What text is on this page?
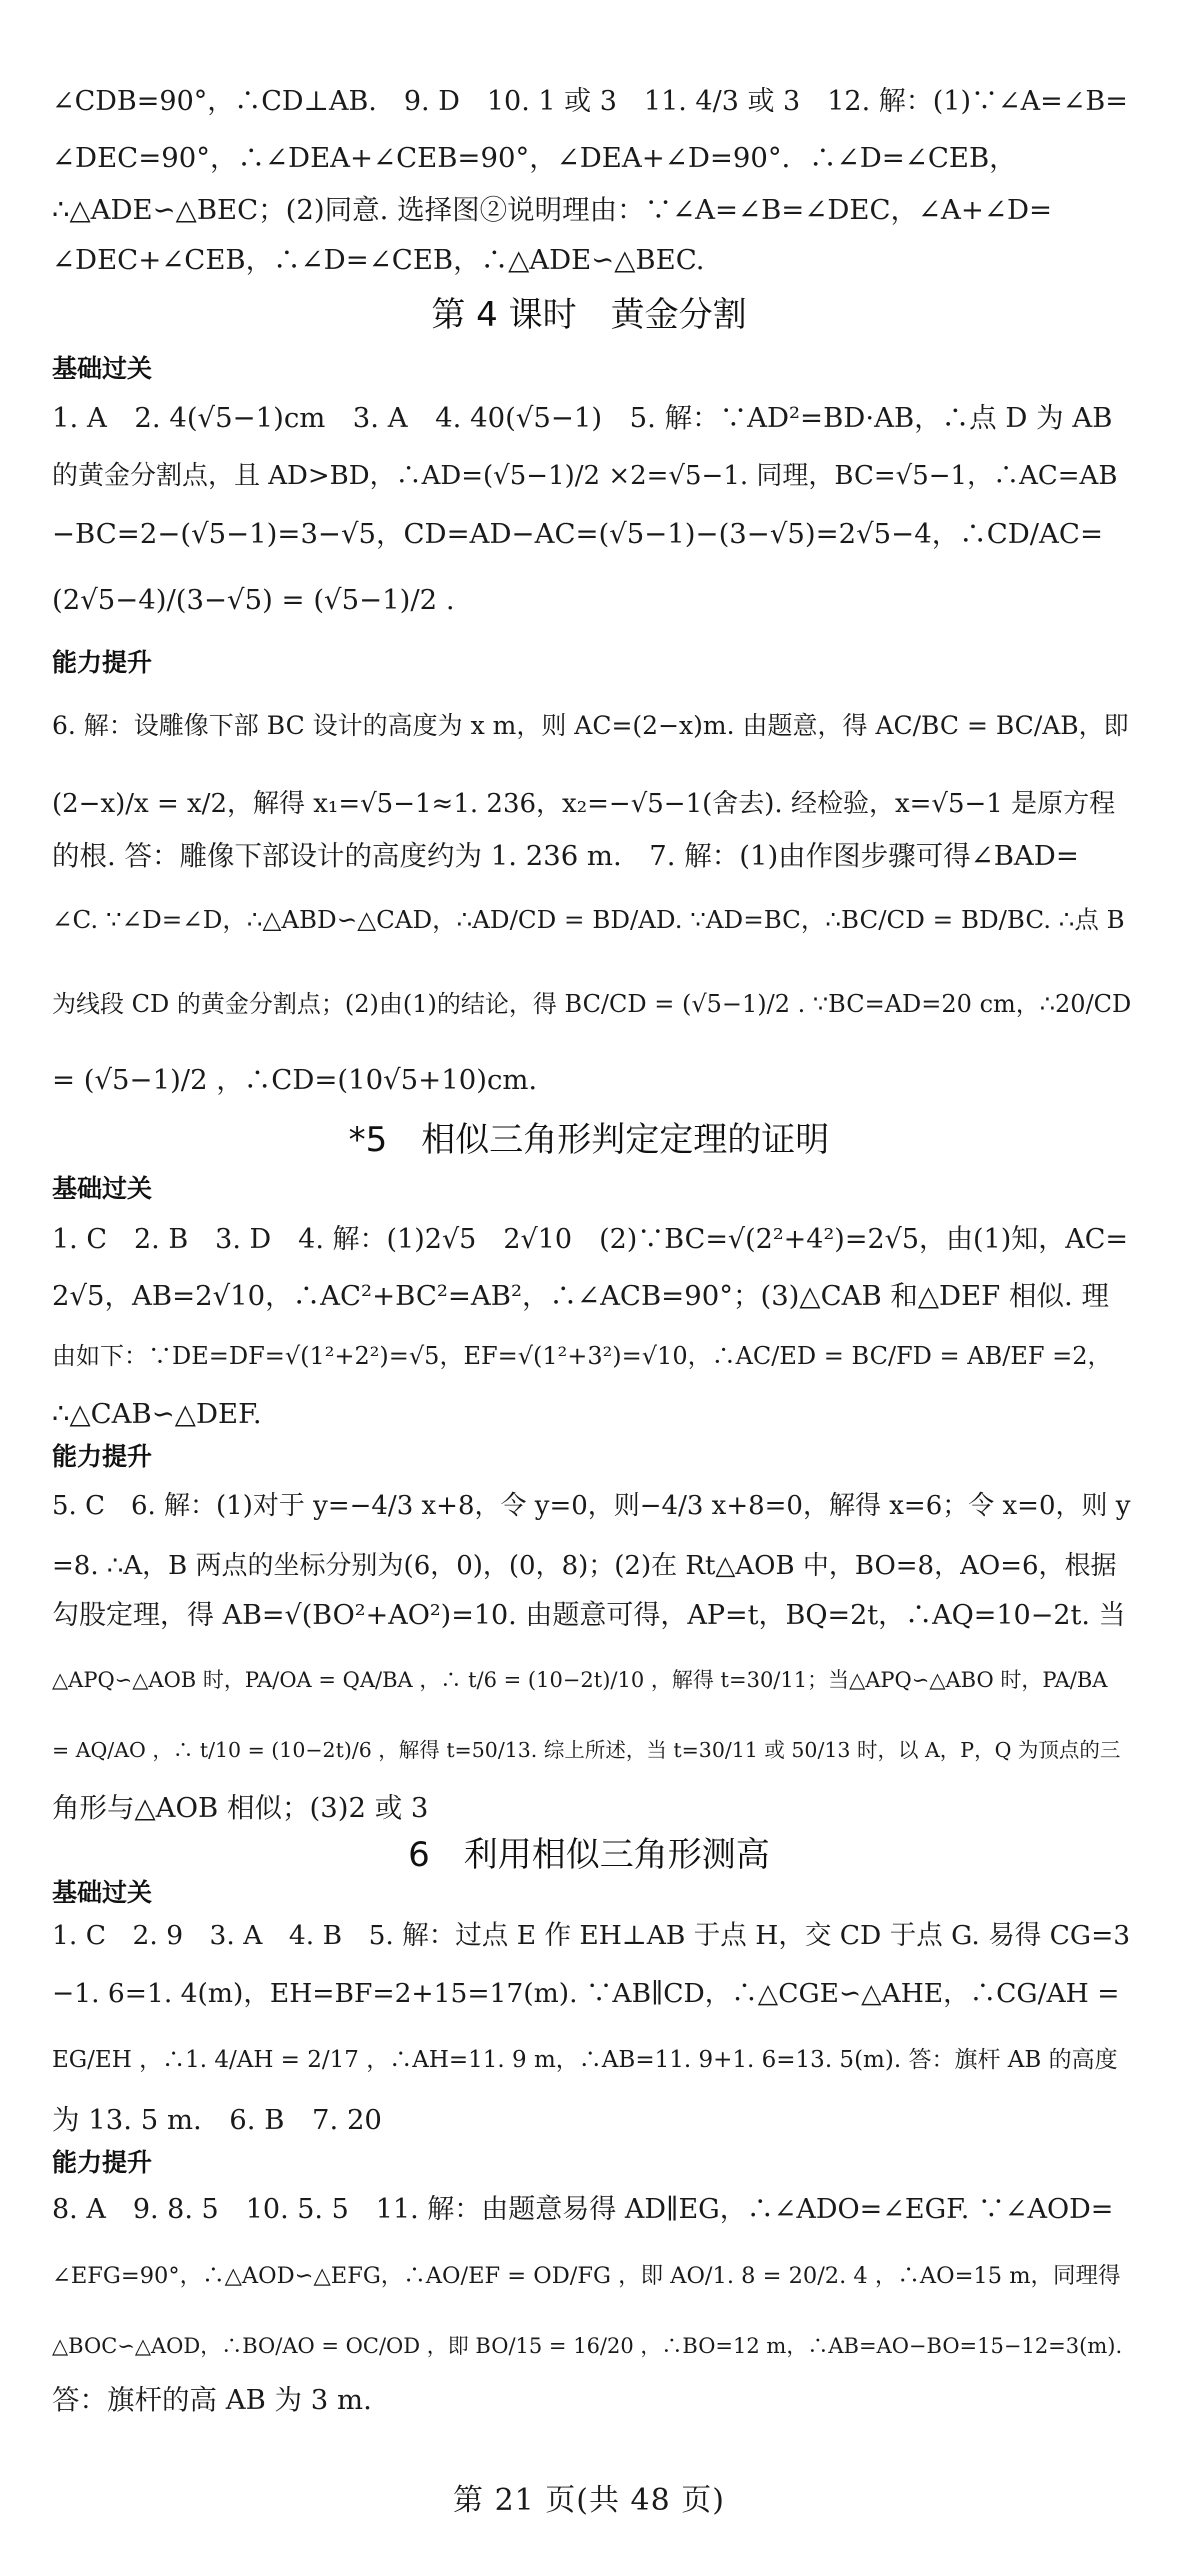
∠CDB=90°，∴CD⊥AB.　9. D　10. 1 或 3　11. 4/3 或 3　12. 解：(1)∵∠A=∠B=
∠DEC=90°，∴∠DEA+∠CEB=90°，∠DEA+∠D=90°．∴∠D=∠CEB，
∴△ADE∽△BEC；(2)同意. 选择图②说明理由：∵∠A=∠B=∠DEC，∠A+∠D=
∠DEC+∠CEB，∴∠D=∠CEB，∴△ADE∽△BEC.
第 4 课时　黄金分割
基础过关
1. A　2. 4(√5−1)cm　3. A　4. 40(√5−1)　5. 解：∵AD²=BD·AB，∴点 D 为 AB
的黄金分割点，且 AD>BD，∴AD=(√5−1)/2 ×2=√5−1. 同理，BC=√5−1，∴AC=AB
−BC=2−(√5−1)=3−√5，CD=AD−AC=(√5−1)−(3−√5)=2√5−4，∴CD/AC=
(2√5−4)/(3−√5) = (√5−1)/2 .
能力提升
6. 解：设雕像下部 BC 设计的高度为 x m，则 AC=(2−x)m. 由题意，得 AC/BC = BC/AB，即
(2−x)/x = x/2，解得 x₁=√5−1≈1. 236，x₂=−√5−1(舍去). 经检验，x=√5−1 是原方程
的根. 答：雕像下部设计的高度约为 1. 236 m.　7. 解：(1)由作图步骤可得∠BAD=
∠C. ∵∠D=∠D，∴△ABD∽△CAD，∴AD/CD = BD/AD. ∵AD=BC，∴BC/CD = BD/BC. ∴点 B
为线段 CD 的黄金分割点；(2)由(1)的结论，得 BC/CD = (√5−1)/2 . ∵BC=AD=20 cm，∴20/CD
= (√5−1)/2 ，∴CD=(10√5+10)cm.
*5　相似三角形判定定理的证明
基础过关
1. C　2. B　3. D　4. 解：(1)2√5　2√10　(2)∵BC=√(2²+4²)=2√5，由(1)知，AC=
2√5，AB=2√10，∴AC²+BC²=AB²，∴∠ACB=90°；(3)△CAB 和△DEF 相似. 理
由如下：∵DE=DF=√(1²+2²)=√5，EF=√(1²+3²)=√10，∴AC/ED = BC/FD = AB/EF =2，
∴△CAB∽△DEF.
能力提升
5. C　6. 解：(1)对于 y=−4/3 x+8，令 y=0，则−4/3 x+8=0，解得 x=6；令 x=0，则 y
=8. ∴A，B 两点的坐标分别为(6，0)，(0，8)；(2)在 Rt△AOB 中，BO=8，AO=6，根据
勾股定理，得 AB=√(BO²+AO²)=10. 由题意可得，AP=t，BQ=2t，∴AQ=10−2t. 当
△APQ∽△AOB 时，PA/OA = QA/BA ，∴ t/6 = (10−2t)/10 ，解得 t=30/11；当△APQ∽△ABO 时，PA/BA
= AQ/AO ，∴ t/10 = (10−2t)/6 ，解得 t=50/13. 综上所述，当 t=30/11 或 50/13 时，以 A，P，Q 为顶点的三
角形与△AOB 相似；(3)2 或 3
6　利用相似三角形测高
基础过关
1. C　2. 9　3. A　4. B　5. 解：过点 E 作 EH⊥AB 于点 H，交 CD 于点 G. 易得 CG=3
−1. 6=1. 4(m)，EH=BF=2+15=17(m). ∵AB∥CD，∴△CGE∽△AHE，∴CG/AH =
EG/EH ，∴1. 4/AH = 2/17 ，∴AH=11. 9 m，∴AB=11. 9+1. 6=13. 5(m). 答：旗杆 AB 的高度
为 13. 5 m.　6. B　7. 20
能力提升
8. A　9. 8. 5　10. 5. 5　11. 解：由题意易得 AD∥EG，∴∠ADO=∠EGF. ∵∠AOD=
∠EFG=90°，∴△AOD∽△EFG，∴AO/EF = OD/FG ，即 AO/1. 8 = 20/2. 4 ，∴AO=15 m，同理得
△BOC∽△AOD，∴BO/AO = OC/OD ，即 BO/15 = 16/20 ，∴BO=12 m，∴AB=AO−BO=15−12=3(m).
答：旗杆的高 AB 为 3 m.
第 21 页(共 48 页)
